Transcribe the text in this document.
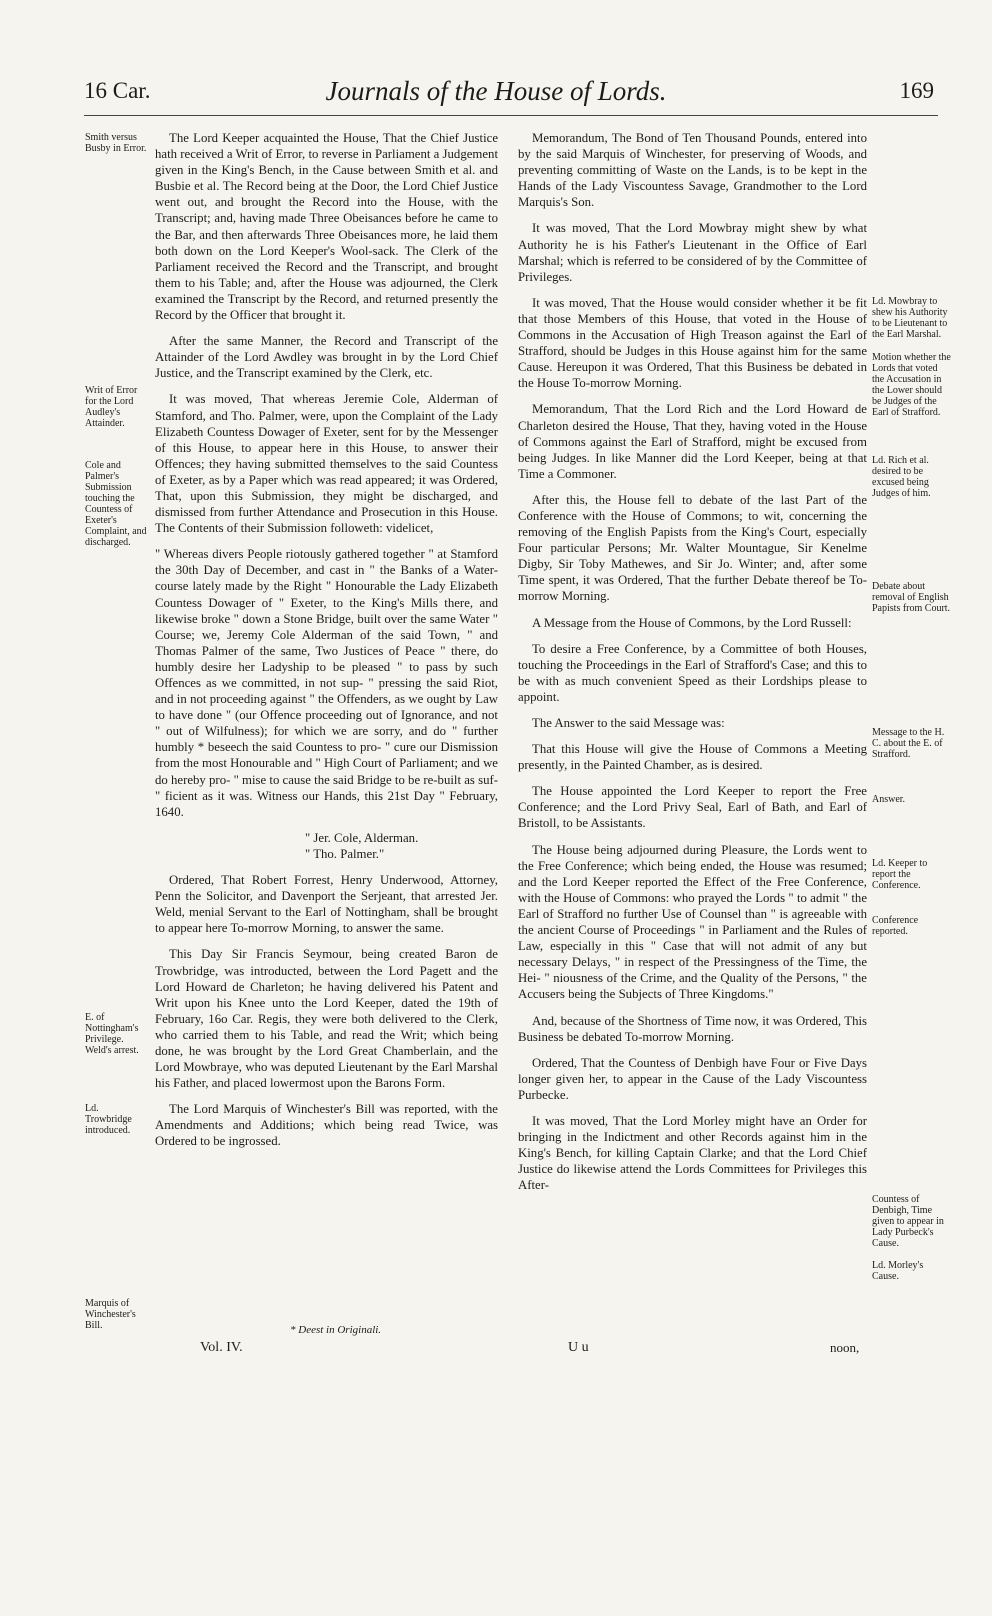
16 Car.	Journals of the House of Lords.	169
Smith versus Busby in Error.
Writ of Error for the Lord Audley's Attainder.
Cole and Palmer's Submission touching the Countess of Exeter's Complaint, and discharged.
E. of Nottingham's Privilege. Weld's arrest.
Ld. Trowbridge introduced.
Marquis of Winchester's Bill.

The Lord Keeper acquainted the House, That the Chief Justice hath received a Writ of Error, to reverse in Parliament a Judgement given in the King's Bench, in the Cause between Smith et al. and Busbie et al. The Record being at the Door, the Lord Chief Justice went out, and brought the Record into the House, with the Transcript; and, having made Three Obeisances before he came to the Bar, and then afterwards Three Obeisances more, he laid them both down on the Lord Keeper's Wool-sack. The Clerk of the Parliament received the Record and the Transcript, and brought them to his Table; and, after the House was adjourned, the Clerk examined the Transcript by the Record, and returned presently the Record by the Officer that brought it.

After the same Manner, the Record and Transcript of the Attainder of the Lord Awdley was brought in by the Lord Chief Justice, and the Transcript examined by the Clerk, etc.

It was moved, That whereas Jeremie Cole, Alderman of Stamford, and Tho. Palmer, were, upon the Complaint of the Lady Elizabeth Countess Dowager of Exeter, sent for by the Messenger of this House, to appear here in this House, to answer their Offences; they having submitted themselves to the said Countess of Exeter, as by a Paper which was read appeared; it was Ordered, That, upon this Submission, they might be discharged, and dismissed from further Attendance and Prosecution in this House. The Contents of their Submission followeth: videlicet,

" Whereas divers People riotously gathered together " at Stamford the 30th Day of December, and cast in " the Banks of a Water-course lately made by the Right " Honourable the Lady Elizabeth Countess Dowager of " Exeter, to the King's Mills there, and likewise broke " down a Stone Bridge, built over the same Water " Course; we, Jeremy Cole Alderman of the said Town, " and Thomas Palmer of the same, Two Justices of Peace " there, do humbly desire her Ladyship to be pleased " to pass by such Offences as we committed, in not sup- " pressing the said Riot, and in not proceeding against " the Offenders, as we ought by Law to have done " (our Offence proceeding out of Ignorance, and not " out of Wilfulness); for which we are sorry, and do " further humbly * beseech the said Countess to pro- " cure our Dismission from the most Honourable and " High Court of Parliament; and we do hereby pro- " mise to cause the said Bridge to be re-built as suf- " ficient as it was. Witness our Hands, this 21st Day " February, 1640.

" Jer. Cole, Alderman.
" Tho. Palmer."

Ordered, That Robert Forrest, Henry Underwood, Attorney, Penn the Solicitor, and Davenport the Serjeant, that arrested Jer. Weld, menial Servant to the Earl of Nottingham, shall be brought to appear here To-morrow Morning, to answer the same.

This Day Sir Francis Seymour, being created Baron de Trowbridge, was introducted, between the Lord Pagett and the Lord Howard de Charleton; he having delivered his Patent and Writ upon his Knee unto the Lord Keeper, dated the 19th of February, 16o Car. Regis, they were both delivered to the Clerk, who carried them to his Table, and read the Writ; which being done, he was brought by the Lord Great Chamberlain, and the Lord Mowbraye, who was deputed Lieutenant by the Earl Marshal his Father, and placed lowermost upon the Barons Form.

The Lord Marquis of Winchester's Bill was reported, with the Amendments and Additions; which being read Twice, was Ordered to be ingrossed.

Memorandum, The Bond of Ten Thousand Pounds, entered into by the said Marquis of Winchester, for preserving of Woods, and preventing committing of Waste on the Lands, is to be kept in the Hands of the Lady Viscountess Savage, Grandmother to the Lord Marquis's Son.

It was moved, That the Lord Mowbray might shew by what Authority he is his Father's Lieutenant in the Office of Earl Marshal; which is referred to be considered of by the Committee of Privileges.

It was moved, That the House would consider whether it be fit that those Members of this House, that voted in the House of Commons in the Accusation of High Treason against the Earl of Strafford, should be Judges in this House against him for the same Cause. Hereupon it was Ordered, That this Business be debated in the House To-morrow Morning.

Memorandum, That the Lord Rich and the Lord Howard de Charleton desired the House, That they, having voted in the House of Commons against the Earl of Strafford, might be excused from being Judges. In like Manner did the Lord Keeper, being at that Time a Commoner.

After this, the House fell to debate of the last Part of the Conference with the House of Commons; to wit, concerning the removing of the English Papists from the King's Court, especially Four particular Persons; Mr. Walter Mountague, Sir Kenelme Digby, Sir Toby Mathewes, and Sir Jo. Winter; and, after some Time spent, it was Ordered, That the further Debate thereof be To-morrow Morning.

A Message from the House of Commons, by the Lord Russell:

To desire a Free Conference, by a Committee of both Houses, touching the Proceedings in the Earl of Strafford's Case; and this to be with as much convenient Speed as their Lordships please to appoint.

The Answer to the said Message was:

That this House will give the House of Commons a Meeting presently, in the Painted Chamber, as is desired.

The House appointed the Lord Keeper to report the Free Conference; and the Lord Privy Seal, Earl of Bath, and Earl of Bristoll, to be Assistants.

The House being adjourned during Pleasure, the Lords went to the Free Conference; which being ended, the House was resumed; and the Lord Keeper reported the Effect of the Free Conference, with the House of Commons: who prayed the Lords " to admit " the Earl of Strafford no further Use of Counsel than " is agreeable with the ancient Course of Proceedings " in Parliament and the Rules of Law, especially in this " Case that will not admit of any but necessary Delays, " in respect of the Pressingness of the Time, the Hei- " niousness of the Crime, and the Quality of the Persons, " the Accusers being the Subjects of Three Kingdoms."

And, because of the Shortness of Time now, it was Ordered, This Business be debated To-morrow Morning.

Ordered, That the Countess of Denbigh have Four or Five Days longer given her, to appear in the Cause of the Lady Viscountess Purbecke.

It was moved, That the Lord Morley might have an Order for bringing in the Indictment and other Records against him in the King's Bench, for killing Captain Clarke; and that the Lord Chief Justice do likewise attend the Lords Committees for Privileges this After-

Ld. Mowbray to shew his Authority to be Lieutenant to the Earl Marshal.
Motion whether the Lords that voted the Accusation in the Lower should be Judges of the Earl of Strafford.
Ld. Rich et al. desired to be excused being Judges of him.
Debate about removal of English Papists from Court.
Message to the H. C. about the E. of Strafford.
Answer.
Ld. Keeper to report the Conference.
Conference reported.
Countess of Denbigh, Time given to appear in Lady Purbeck's Cause.
Ld. Morley's Cause.
* Deest in Originali.
Vol. IV.	U u	noon,
